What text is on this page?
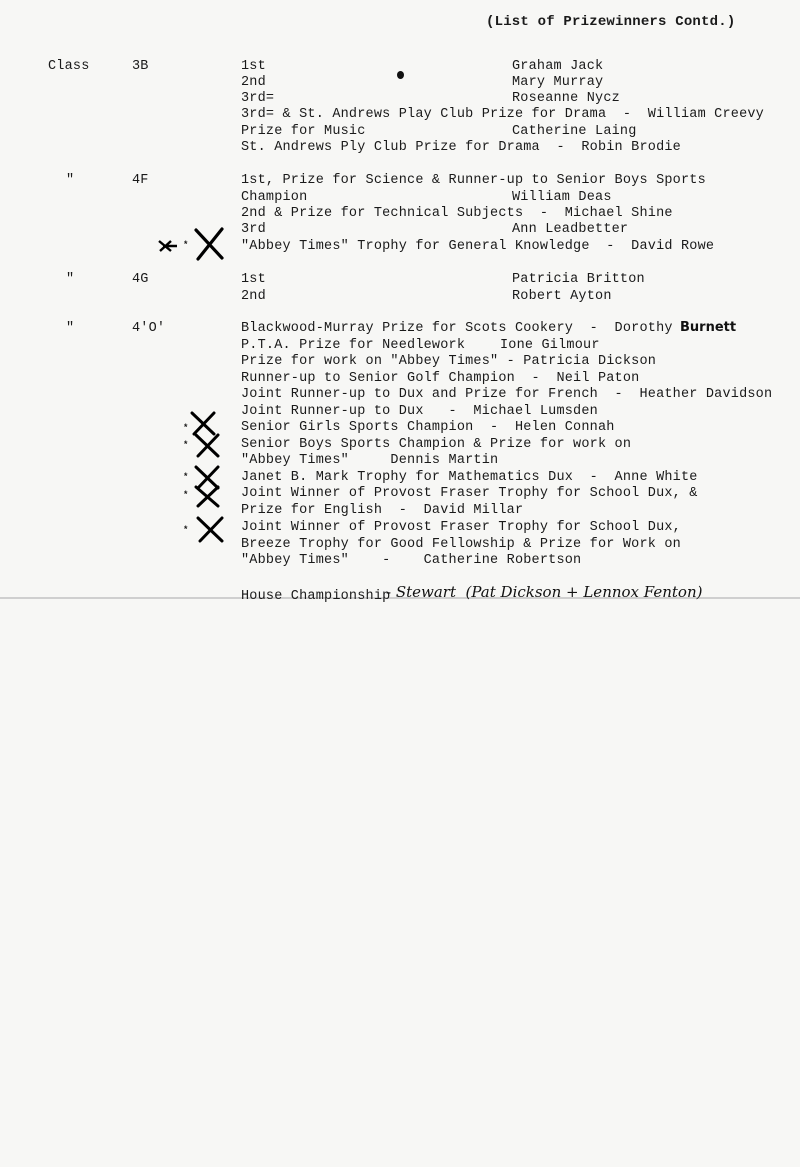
(List of Prizewinners Contd.)
Class	3B	1st	Graham Jack
2nd	Mary Murray
3rd=	Roseanne Nycz
3rd= & St. Andrews Play Club Prize for Drama  -  William Creevy
Prize for Music	Catherine Laing
St. Andrews Ply Club Prize for Drama  -  Robin Brodie
"	4F	1st, Prize for Science & Runner-up to Senior Boys Sports
Champion	William Deas
2nd & Prize for Technical Subjects  -  Michael Shine
3rd	Ann Leadbetter
"Abbey Times" Trophy for General Knowledge  -  David Rowe
"	4G	1st	Patricia Britton
2nd	Robert Ayton
"	4'O'	Blackwood-Murray Prize for Scots Cookery  -  Dorothy Burnett
P.T.A. Prize for Needlework	Ione Gilmour
Prize for work on "Abbey Times" - Patricia Dickson
Runner-up to Senior Golf Champion  -  Neil Paton
Joint Runner-up to Dux and Prize for French  -  Heather Davidson
Joint Runner-up to Dux   -  Michael Lumsden
Senior Girls Sports Champion  -  Helen Connah
Senior Boys Sports Champion & Prize for work on
"Abbey Times"     Dennis Martin
Janet B. Mark Trophy for Mathematics Dux  -  Anne White
Joint Winner of Provost Fraser Trophy for School Dux, &
Prize for English  -  David Millar
Joint Winner of Provost Fraser Trophy for School Dux,
Breeze Trophy for Good Fellowship & Prize for Work on
"Abbey Times"    -    Catherine Robertson
House Championship
- Stewart  (Pat Dickson + Lennox Fenton)
*
*
*
*
*
*
